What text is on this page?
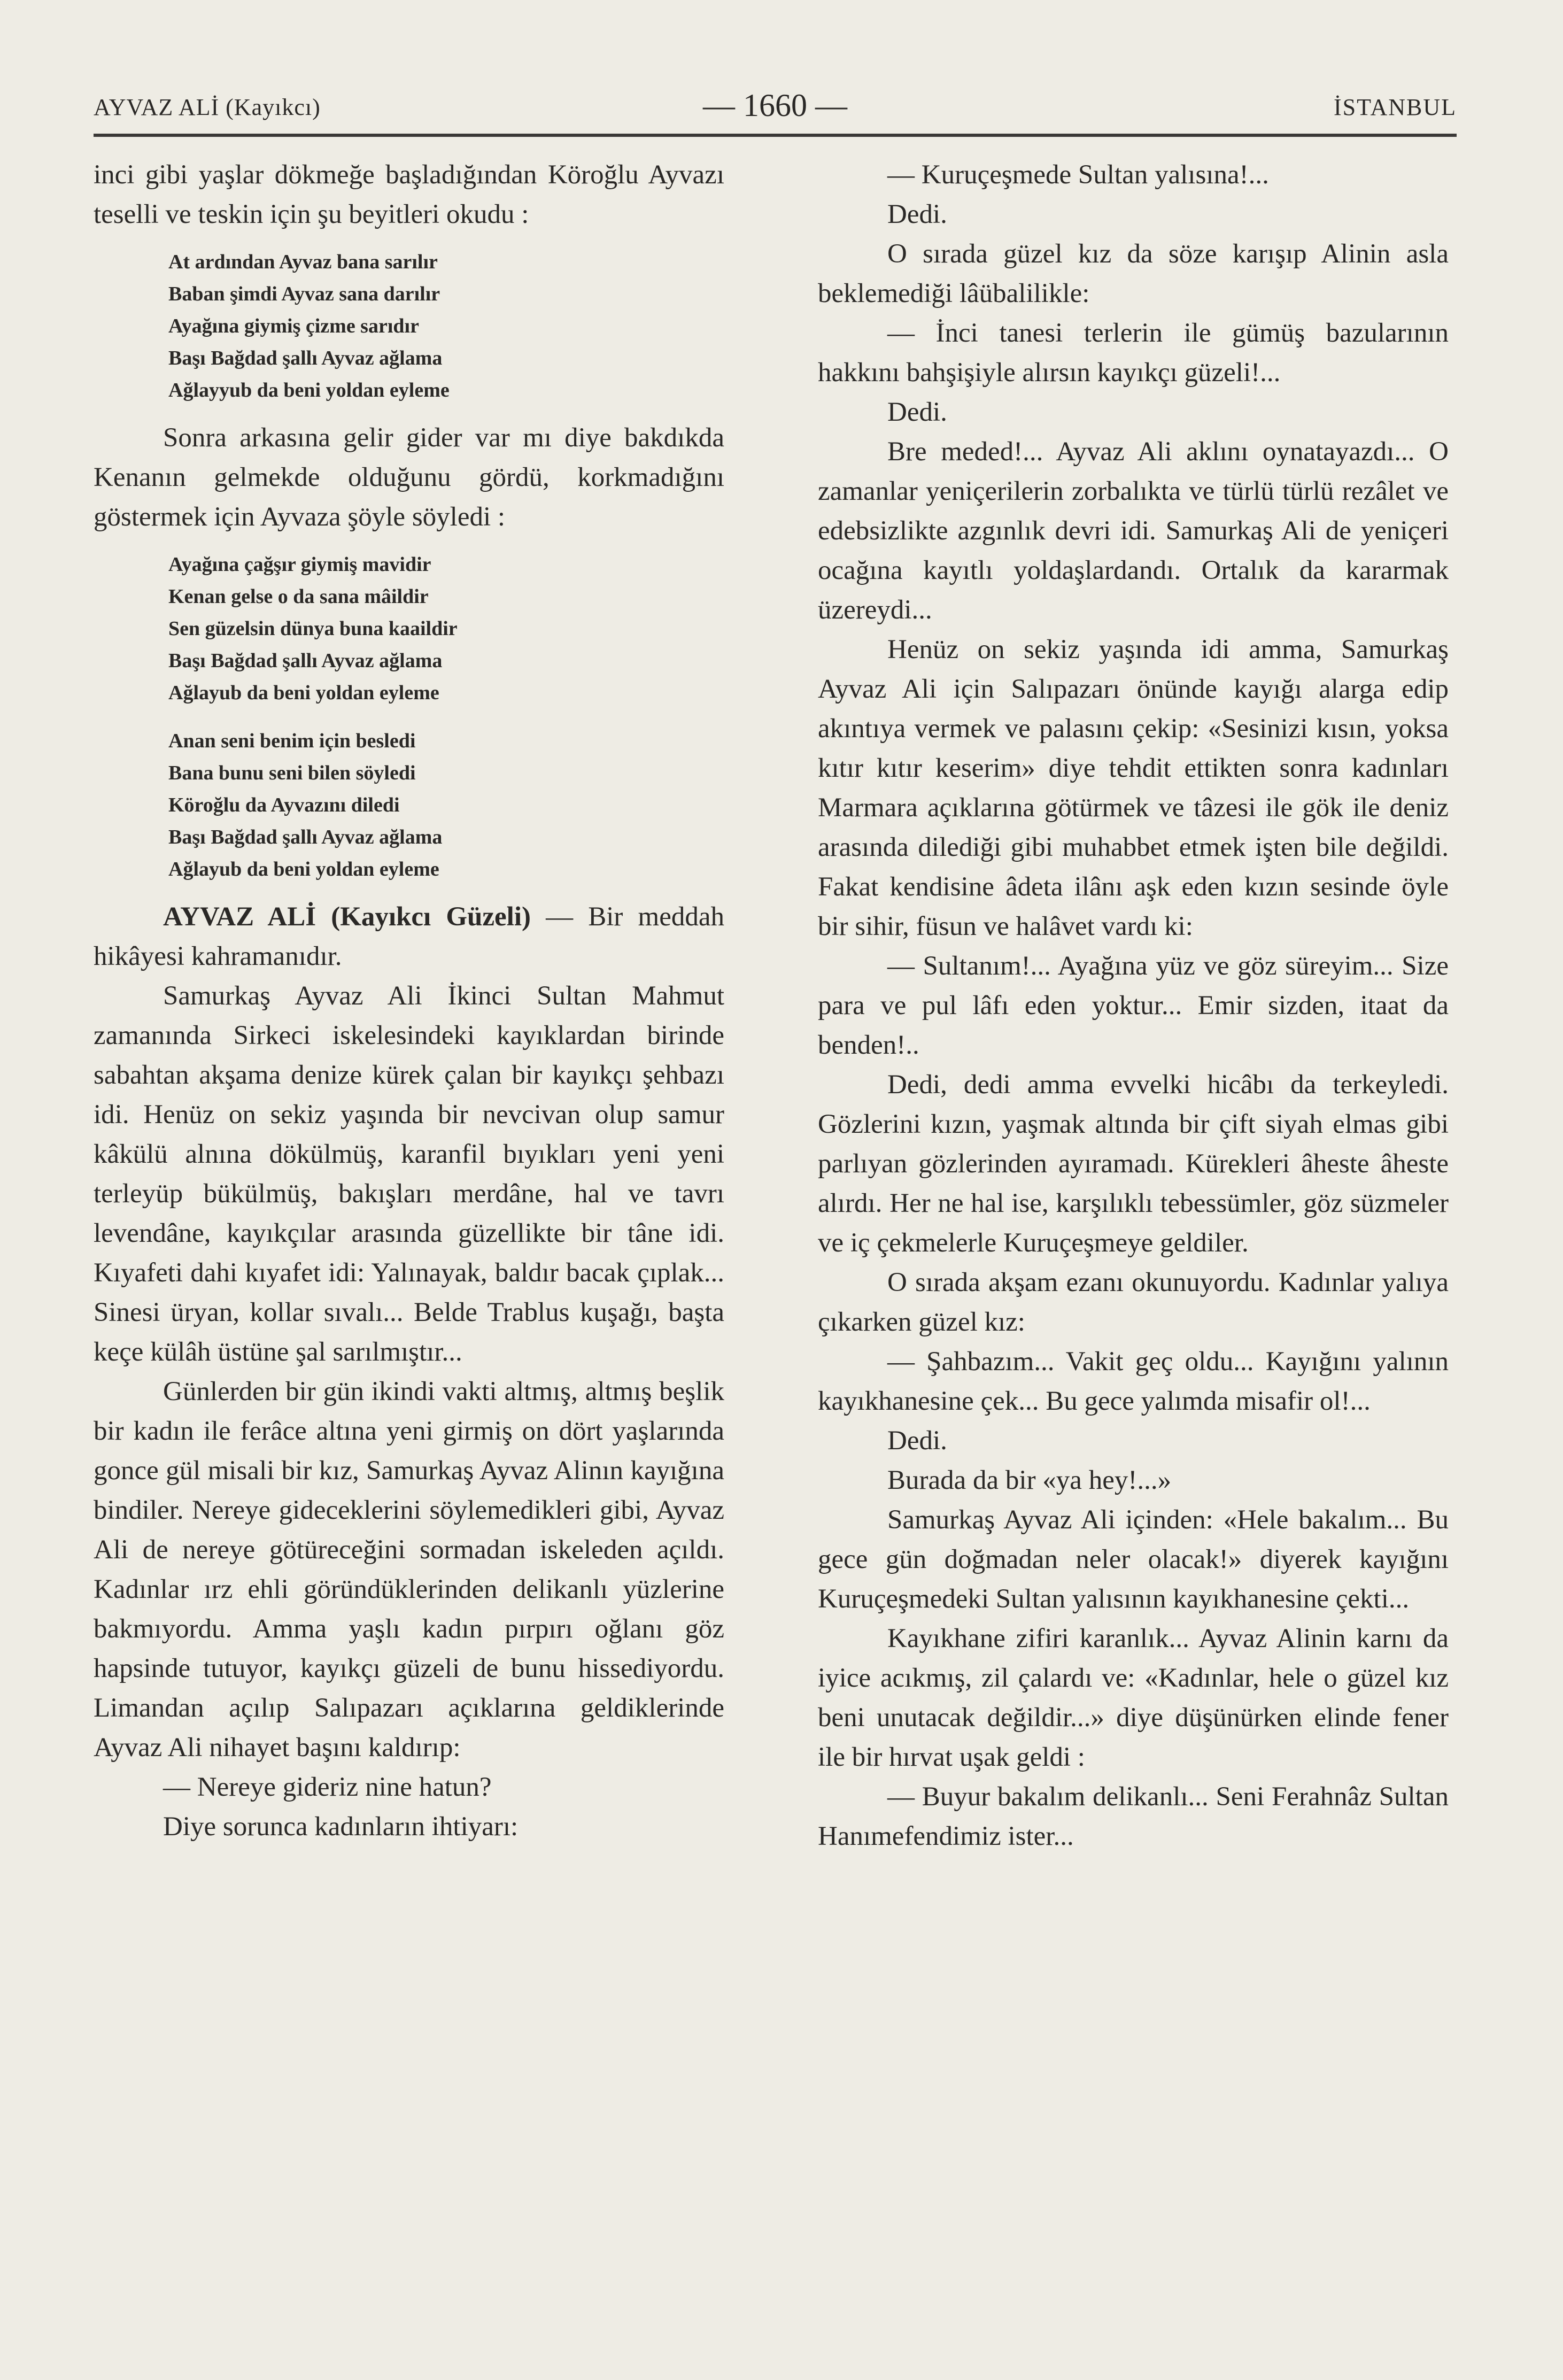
AYVAZ ALİ (Kayıkcı)	— 1660 —	İSTANBUL

inci gibi yaşlar dökmeğe başladığından Köroğlu Ayvazı teselli ve teskin için şu beyitleri okudu :

At ardından Ayvaz bana sarılır
Baban şimdi Ayvaz sana darılır
Ayağına giymiş çizme sarıdır
Başı Bağdad şallı Ayvaz ağlama
Ağlayyub da beni yoldan eyleme

Sonra arkasına gelir gider var mı diye bakdıkda Kenanın gelmekde olduğunu gördü, korkmadığını göstermek için Ayvaza şöyle söyledi :

Ayağına çağşır giymiş mavidir
Kenan gelse o da sana mâildir
Sen güzelsin dünya buna kaaildir
Başı Bağdad şallı Ayvaz ağlama
Ağlayub da beni yoldan eyleme
Anan seni benim için besledi
Bana bunu seni bilen söyledi
Köroğlu da Ayvazını diledi
Başı Bağdad şallı Ayvaz ağlama
Ağlayub da beni yoldan eyleme

AYVAZ ALİ (Kayıkcı Güzeli) — Bir meddah hikâyesi kahramanıdır.

Samurkaş Ayvaz Ali İkinci Sultan Mahmut zamanında Sirkeci iskelesindeki kayıklardan birinde sabahtan akşama denize kürek çalan bir kayıkçı şehbazı idi. Henüz on sekiz yaşında bir nevcivan olup samur kâkülü alnına dökülmüş, karanfil bıyıkları yeni yeni terleyüp bükülmüş, bakışları merdâne, hal ve tavrı levendâne, kayıkçılar arasında güzellikte bir tâne idi. Kıyafeti dahi kıyafet idi: Yalınayak, baldır bacak çıplak... Sinesi üryan, kollar sıvalı... Belde Trablus kuşağı, başta keçe külâh üstüne şal sarılmıştır...

Günlerden bir gün ikindi vakti altmış, altmış beşlik bir kadın ile ferâce altına yeni girmiş on dört yaşlarında gonce gül misali bir kız, Samurkaş Ayvaz Alinın kayığına bindiler. Nereye gideceklerini söylemedikleri gibi, Ayvaz Ali de nereye götüreceğini sormadan iskeleden açıldı. Kadınlar ırz ehli göründüklerinden delikanlı yüzlerine bakmıyordu. Amma yaşlı kadın pırpırı oğlanı göz hapsinde tutuyor, kayıkçı güzeli de bunu hissediyordu. Limandan açılıp Salıpazarı açıklarına geldiklerinde Ayvaz Ali nihayet başını kaldırıp:

— Nereye gideriz nine hatun?

Diye sorunca kadınların ihtiyarı:

— Kuruçeşmede Sultan yalısına!...

Dedi.

O sırada güzel kız da söze karışıp Alinin asla beklemediği lâübalilikle:

— İnci tanesi terlerin ile gümüş bazularının hakkını bahşişiyle alırsın kayıkçı güzeli!...

Dedi.

Bre meded!... Ayvaz Ali aklını oynatayazdı... O zamanlar yeniçerilerin zorbalıkta ve türlü türlü rezâlet ve edebsizlikte azgınlık devri idi. Samurkaş Ali de yeniçeri ocağına kayıtlı yoldaşlardandı. Ortalık da kararmak üzereydi...

Henüz on sekiz yaşında idi amma, Samurkaş Ayvaz Ali için Salıpazarı önünde kayığı alarga edip akıntıya vermek ve palasını çekip: «Sesinizi kısın, yoksa kıtır kıtır keserim» diye tehdit ettikten sonra kadınları Marmara açıklarına götürmek ve tâzesi ile gök ile deniz arasında dilediği gibi muhabbet etmek işten bile değildi. Fakat kendisine âdeta ilânı aşk eden kızın sesinde öyle bir sihir, füsun ve halâvet vardı ki:

— Sultanım!... Ayağına yüz ve göz süreyim... Size para ve pul lâfı eden yoktur... Emir sizden, itaat da benden!..

Dedi, dedi amma evvelki hicâbı da terkeyledi. Gözlerini kızın, yaşmak altında bir çift siyah elmas gibi parlıyan gözlerinden ayıramadı. Kürekleri âheste âheste alırdı. Her ne hal ise, karşılıklı tebessümler, göz süzmeler ve iç çekmelerle Kuruçeşmeye geldiler.

O sırada akşam ezanı okunuyordu. Kadınlar yalıya çıkarken güzel kız:

— Şahbazım... Vakit geç oldu... Kayığını yalının kayıkhanesine çek... Bu gece yalımda misafir ol!...

Dedi.

Burada da bir «ya hey!...»

Samurkaş Ayvaz Ali içinden: «Hele bakalım... Bu gece gün doğmadan neler olacak!» diyerek kayığını Kuruçeşmedeki Sultan yalısının kayıkhanesine çekti...

Kayıkhane zifiri karanlık... Ayvaz Alinin karnı da iyice acıkmış, zil çalardı ve: «Kadınlar, hele o güzel kız beni unutacak değildir...» diye düşünürken elinde fener ile bir hırvat uşak geldi :

— Buyur bakalım delikanlı... Seni Ferahnâz Sultan Hanımefendimiz ister...
